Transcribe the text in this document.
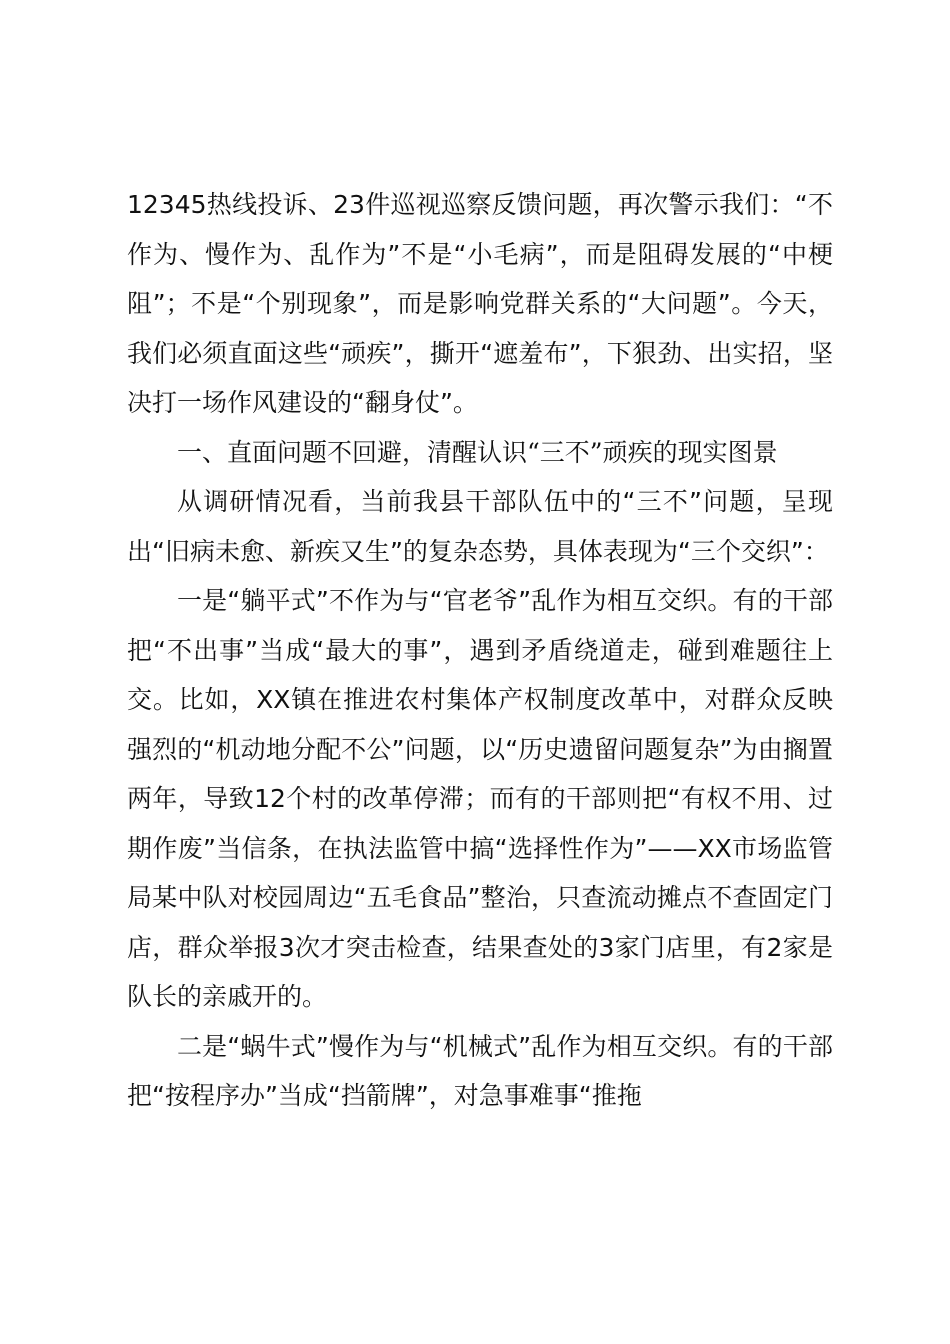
12345热线投诉、23件巡视巡察反馈问题，再次警示我们：“不作为、慢作为、乱作为”不是“小毛病”，而是阻碍发展的“中梗阻”；不是“个别现象”，而是影响党群关系的“大问题”。今天，我们必须直面这些“顽疾”，撕开“遮羞布”，下狠劲、出实招，坚决打一场作风建设的“翻身仗”。

一、直面问题不回避，清醒认识“三不”顽疾的现实图景

从调研情况看，当前我县干部队伍中的“三不”问题，呈现出“旧病未愈、新疾又生”的复杂态势，具体表现为“三个交织”：

一是“躺平式”不作为与“官老爷”乱作为相互交织。有的干部把“不出事”当成“最大的事”，遇到矛盾绕道走，碰到难题往上交。比如，XX镇在推进农村集体产权制度改革中，对群众反映强烈的“机动地分配不公”问题，以“历史遗留问题复杂”为由搁置两年，导致12个村的改革停滞；而有的干部则把“有权不用、过期作废”当信条，在执法监管中搞“选择性作为”——XX市场监管局某中队对校园周边“五毛食品”整治，只查流动摊点不查固定门店，群众举报3次才突击检查，结果查处的3家门店里，有2家是队长的亲戚开的。

二是“蜗牛式”慢作为与“机械式”乱作为相互交织。有的干部把“按程序办”当成“挡箭牌”，对急事难事“推拖
